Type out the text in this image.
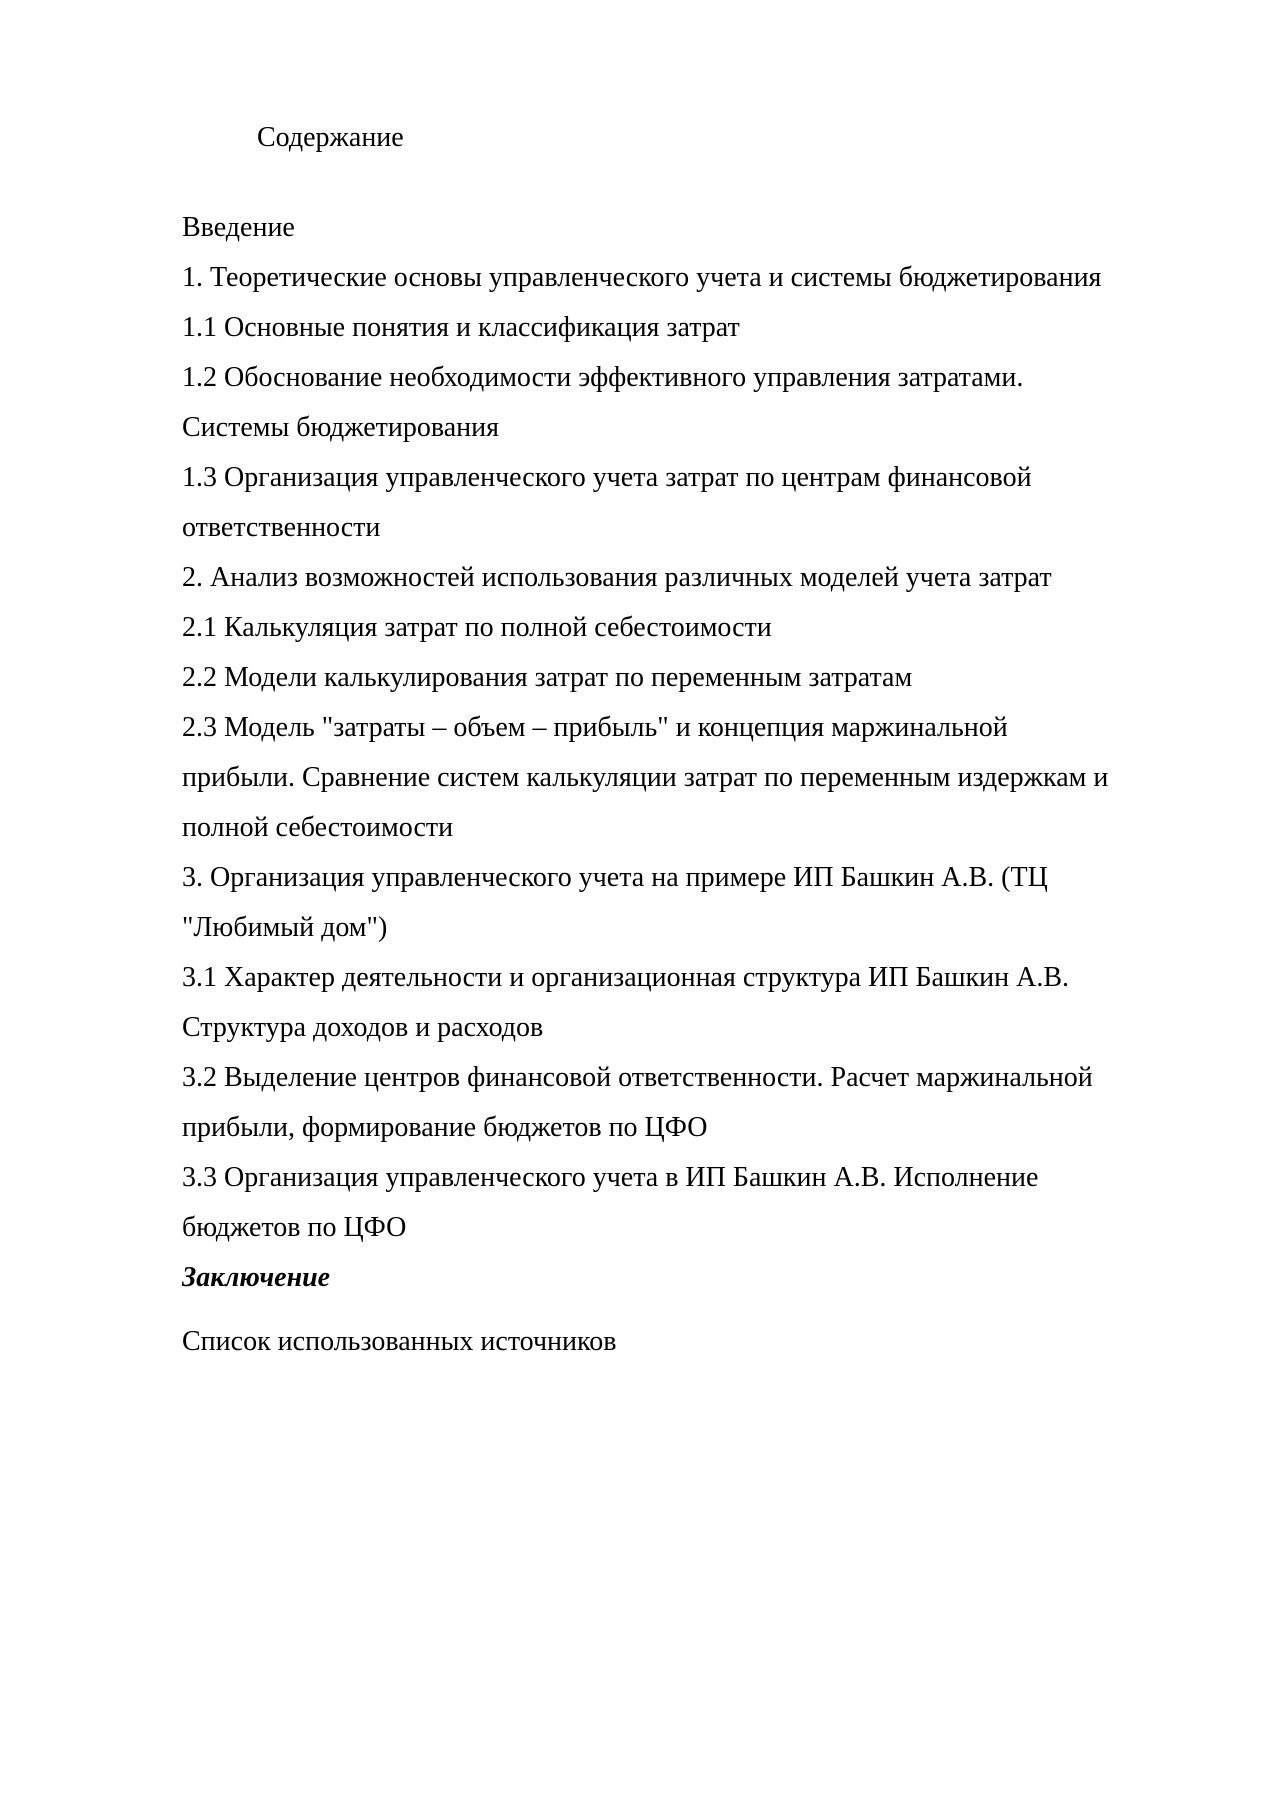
Содержание
Введение
1. Теоретические основы управленческого учета и системы бюджетирования
1.1 Основные понятия и классификация затрат
1.2 Обоснование необходимости эффективного управления затратами.
Системы бюджетирования
1.3 Организация управленческого учета затрат по центрам финансовой
ответственности
2. Анализ возможностей использования различных моделей учета затрат
2.1 Калькуляция затрат по полной себестоимости
2.2 Модели калькулирования затрат по переменным затратам
2.3 Модель "затраты – объем – прибыль" и концепция маржинальной
прибыли. Сравнение систем калькуляции затрат по переменным издержкам и
полной себестоимости
3. Организация управленческого учета на примере ИП Башкин А.В. (ТЦ
"Любимый дом")
3.1 Характер деятельности и организационная структура ИП Башкин А.В.
Структура доходов и расходов
3.2 Выделение центров финансовой ответственности. Расчет маржинальной
прибыли, формирование бюджетов по ЦФО
3.3 Организация управленческого учета в ИП Башкин А.В. Исполнение
бюджетов по ЦФО
Заключение
Список использованных источников
